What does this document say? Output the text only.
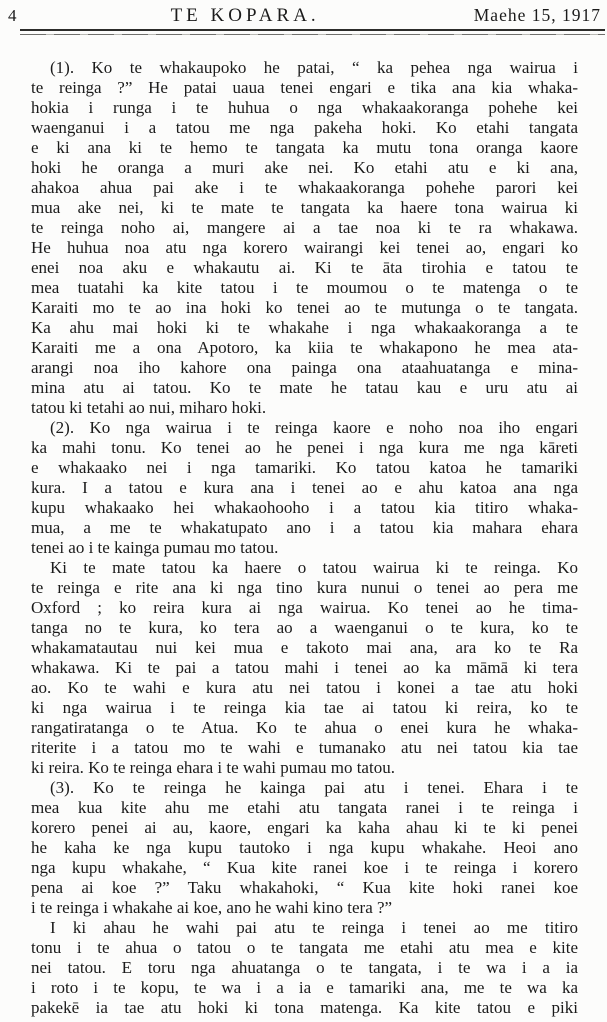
4	TE KOPARA.	Maehe 15, 1917
(1). Ko te whakaupoko he patai, “ ka pehea nga wairua i
te reinga ?” He patai uaua tenei engari e tika ana kia whaka-
hokia i runga i te huhua o nga whakaakoranga pohehe kei
waenganui i a tatou me nga pakeha hoki. Ko etahi tangata
e ki ana ki te hemo te tangata ka mutu tona oranga kaore
hoki he oranga a muri ake nei. Ko etahi atu e ki ana,
ahakoa ahua pai ake i te whakaakoranga pohehe parori kei
mua ake nei, ki te mate te tangata ka haere tona wairua ki
te reinga noho ai, mangere ai a tae noa ki te ra whakawa.
He huhua noa atu nga korero wairangi kei tenei ao, engari ko
enei noa aku e whakautu ai. Ki te āta tirohia e tatou te
mea tuatahi ka kite tatou i te moumou o te matenga o te
Karaiti mo te ao ina hoki ko tenei ao te mutunga o te tangata.
Ka ahu mai hoki ki te whakahe i nga whakaakoranga a te
Karaiti me a ona Apotoro, ka kiia te whakapono he mea ata-
arangi noa iho kahore ona painga ona ataahuatanga e mina-
mina atu ai tatou. Ko te mate he tatau kau e uru atu ai
tatou ki tetahi ao nui, miharo hoki.
(2). Ko nga wairua i te reinga kaore e noho noa iho engari
ka mahi tonu. Ko tenei ao he penei i nga kura me nga kāreti
e whakaako nei i nga tamariki. Ko tatou katoa he tamariki
kura. I a tatou e kura ana i tenei ao e ahu katoa ana nga
kupu whakaako hei whakaohooho i a tatou kia titiro whaka-
mua, a me te whakatupato ano i a tatou kia mahara ehara
tenei ao i te kainga pumau mo tatou.
Ki te mate tatou ka haere o tatou wairua ki te reinga. Ko
te reinga e rite ana ki nga tino kura nunui o tenei ao pera me
Oxford ; ko reira kura ai nga wairua. Ko tenei ao he tima-
tanga no te kura, ko tera ao a waenganui o te kura, ko te
whakamatautau nui kei mua e takoto mai ana, ara ko te Ra
whakawa. Ki te pai a tatou mahi i tenei ao ka māmā ki tera
ao. Ko te wahi e kura atu nei tatou i konei a tae atu hoki
ki nga wairua i te reinga kia tae ai tatou ki reira, ko te
rangatiratanga o te Atua. Ko te ahua o enei kura he whaka-
riterite i a tatou mo te wahi e tumanako atu nei tatou kia tae
ki reira. Ko te reinga ehara i te wahi pumau mo tatou.
(3). Ko te reinga he kainga pai atu i tenei. Ehara i te
mea kua kite ahu me etahi atu tangata ranei i te reinga i
korero penei ai au, kaore, engari ka kaha ahau ki te ki penei
he kaha ke nga kupu tautoko i nga kupu whakahe. Heoi ano
nga kupu whakahe, “ Kua kite ranei koe i te reinga i korero
pena ai koe ?” Taku whakahoki, “ Kua kite hoki ranei koe
i te reinga i whakahe ai koe, ano he wahi kino tera ?”
I ki ahau he wahi pai atu te reinga i tenei ao me titiro
tonu i te ahua o tatou o te tangata me etahi atu mea e kite
nei tatou. E toru nga ahuatanga o te tangata, i te wa i a ia
i roto i te kopu, te wa i a ia e tamariki ana, me te wa ka
pakekē ia tae atu hoki ki tona matenga. Ka kite tatou e piki
